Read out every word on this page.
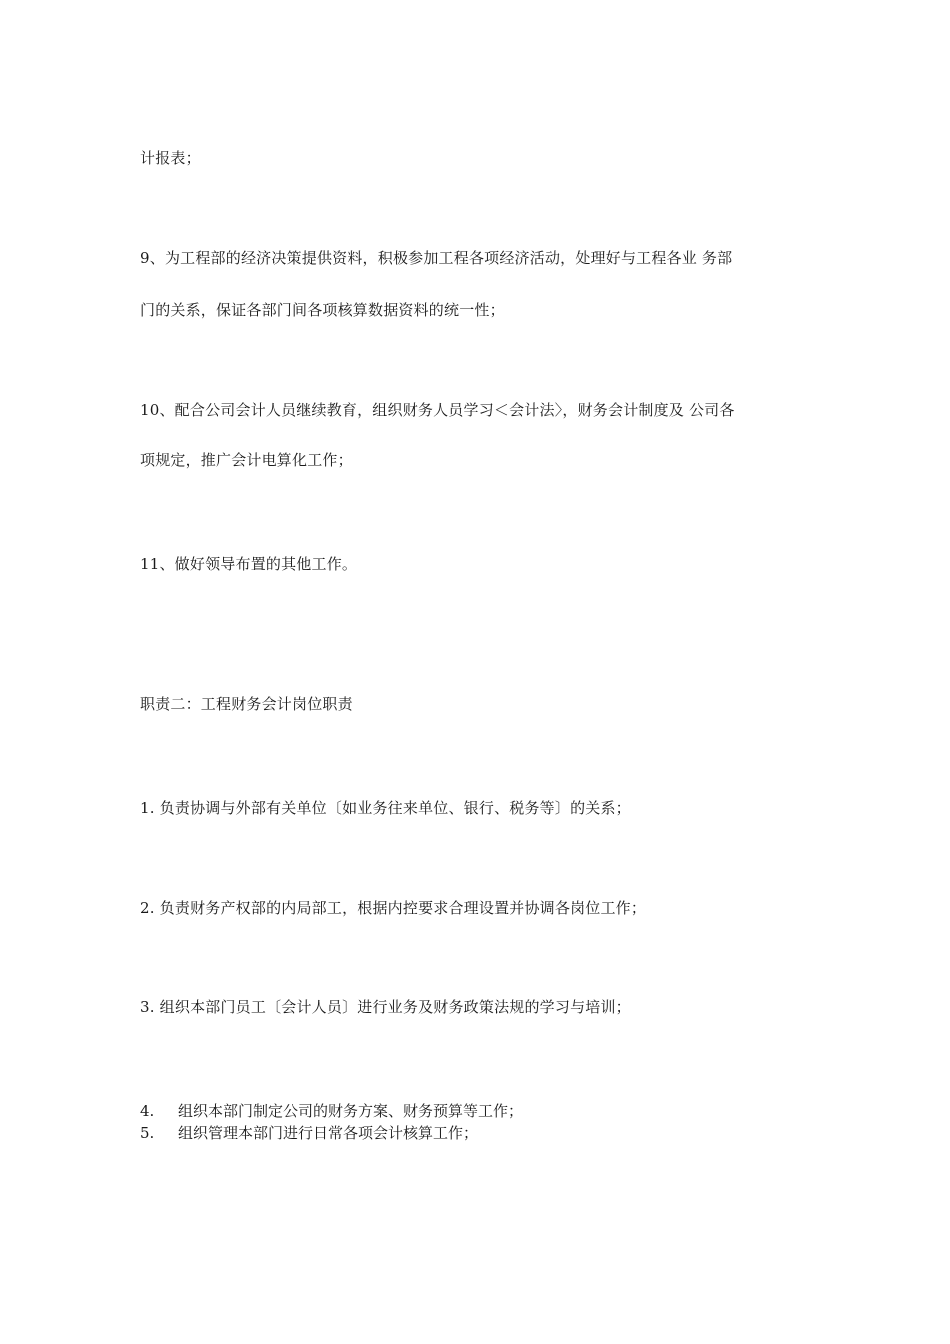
计报表；
9、为工程部的经济决策提供资料，积极参加工程各项经济活动，处理好与工程各业 务部
门的关系，保证各部门间各项核算数据资料的统一性；
10、配合公司会计人员继续教育，组织财务人员学习＜会计法〉，财务会计制度及 公司各
项规定，推广会计电算化工作；
11、做好领导布置的其他工作。
职责二：工程财务会计岗位职责
1. 负责协调与外部有关单位〔如业务往来单位、银行、税务等〕的关系；
2. 负责财务产权部的内局部工，根据内控要求合理设置并协调各岗位工作；
3. 组织本部门员工〔会计人员〕进行业务及财务政策法规的学习与培训；
4. 组织本部门制定公司的财务方案、财务预算等工作；
5. 组织管理本部门进行日常各项会计核算工作；
